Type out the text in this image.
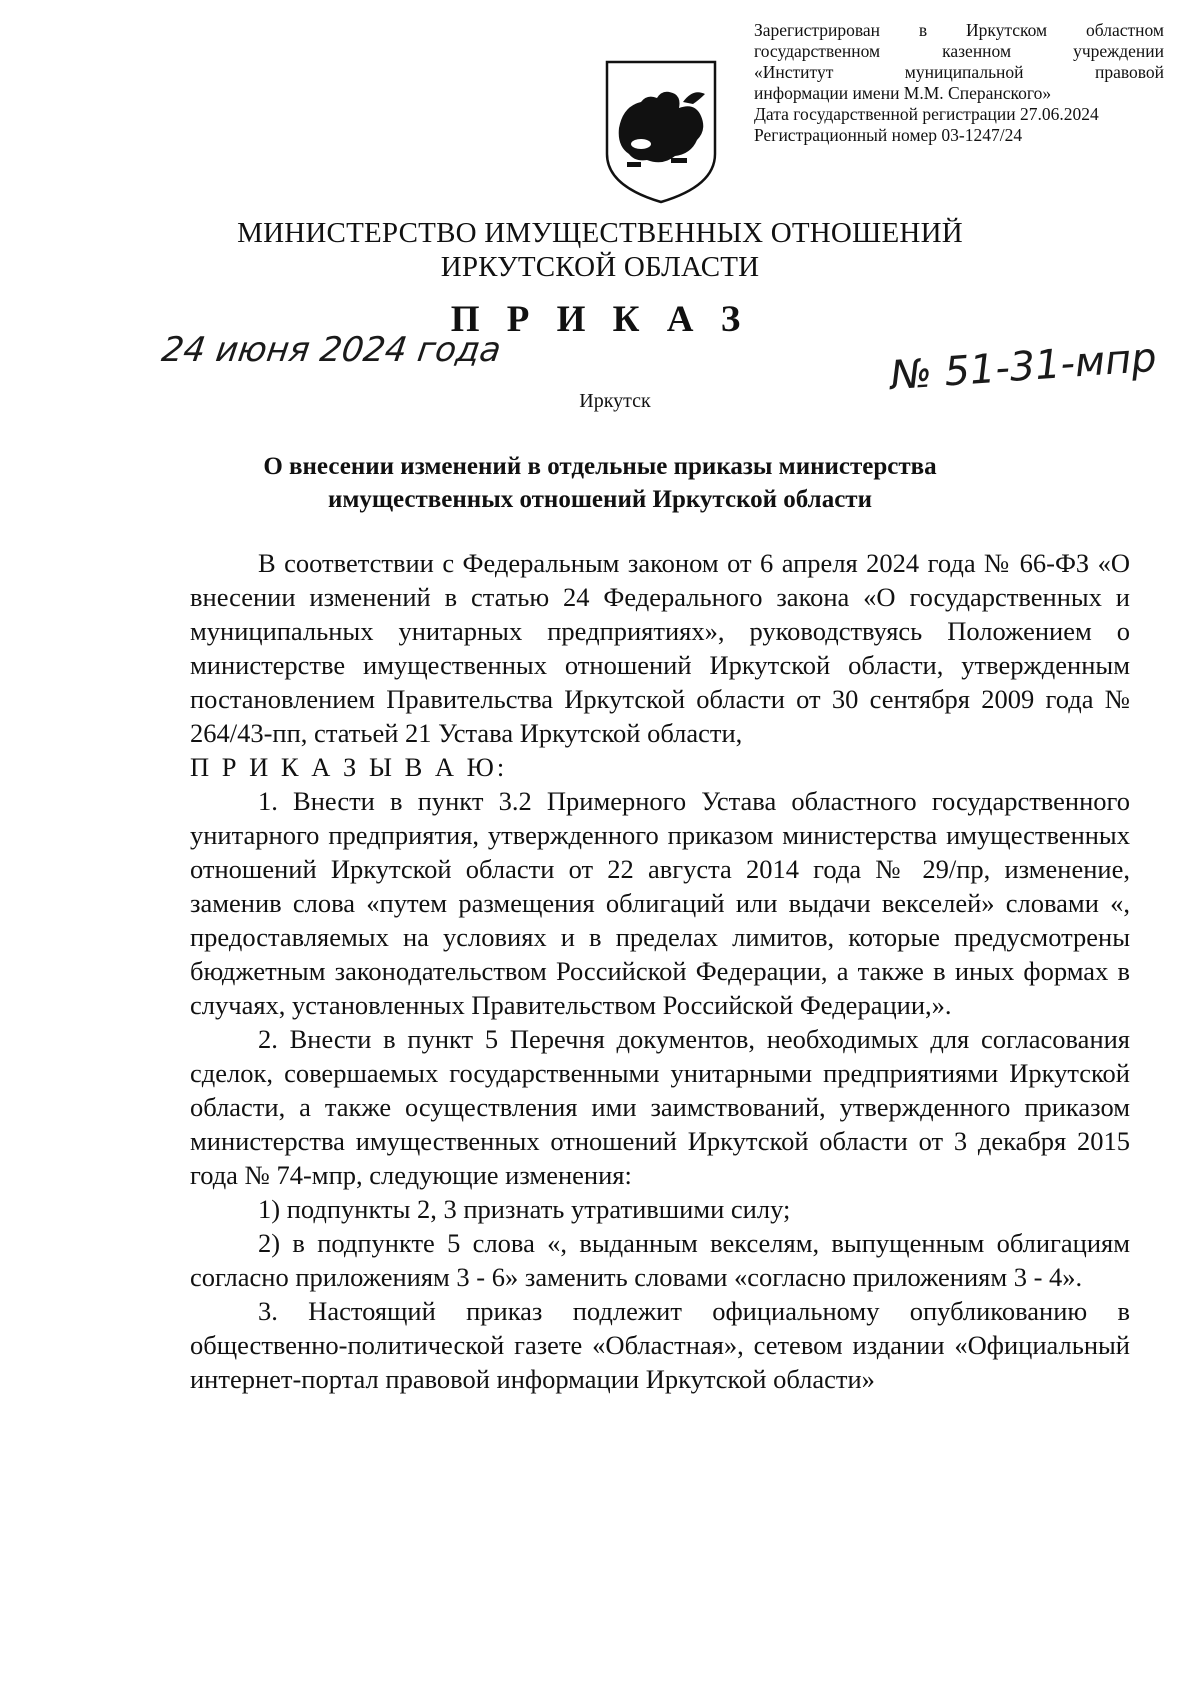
Зарегистрирован в Иркутском областном
государственном казенном учреждении
«Институт муниципальной правовой
информации имени М.М. Сперанского»
Дата государственной регистрации 27.06.2024
Регистрационный номер 03-1247/24
МИНИСТЕРСТВО ИМУЩЕСТВЕННЫХ ОТНОШЕНИЙ
ИРКУТСКОЙ ОБЛАСТИ
П Р И К А З
24 июня 2024 года	№ 51-31-мпр
Иркутск
О внесении изменений в отдельные приказы министерства
имущественных отношений Иркутской области

В соответствии с Федеральным законом от 6 апреля 2024 года № 66-ФЗ «О внесении изменений в статью 24 Федерального закона «О государственных и муниципальных унитарных предприятиях», руководствуясь Положением о министерстве имущественных отношений Иркутской области, утвержденным постановлением Правительства Иркутской области от 30 сентября 2009 года № 264/43-пп, статьей 21 Устава Иркутской области,

П Р И К А З Ы В А Ю:

1. Внести в пункт 3.2 Примерного Устава областного государственного унитарного предприятия, утвержденного приказом министерства имущественных отношений Иркутской области от 22 августа 2014 года № 29/пр, изменение, заменив слова «путем размещения облигаций или выдачи векселей» словами «, предоставляемых на условиях и в пределах лимитов, которые предусмотрены бюджетным законодательством Российской Федерации, а также в иных формах в случаях, установленных Правительством Российской Федерации,».

2. Внести в пункт 5 Перечня документов, необходимых для согласования сделок, совершаемых государственными унитарными предприятиями Иркутской области, а также осуществления ими заимствований, утвержденного приказом министерства имущественных отношений Иркутской области от 3 декабря 2015 года № 74-мпр, следующие изменения:

1) подпункты 2, 3 признать утратившими силу;

2) в подпункте 5 слова «, выданным векселям, выпущенным облигациям согласно приложениям 3 - 6» заменить словами «согласно приложениям 3 - 4».

3. Настоящий приказ подлежит официальному опубликованию в общественно-политической газете «Областная», сетевом издании «Официальный интернет-портал правовой информации Иркутской области»
